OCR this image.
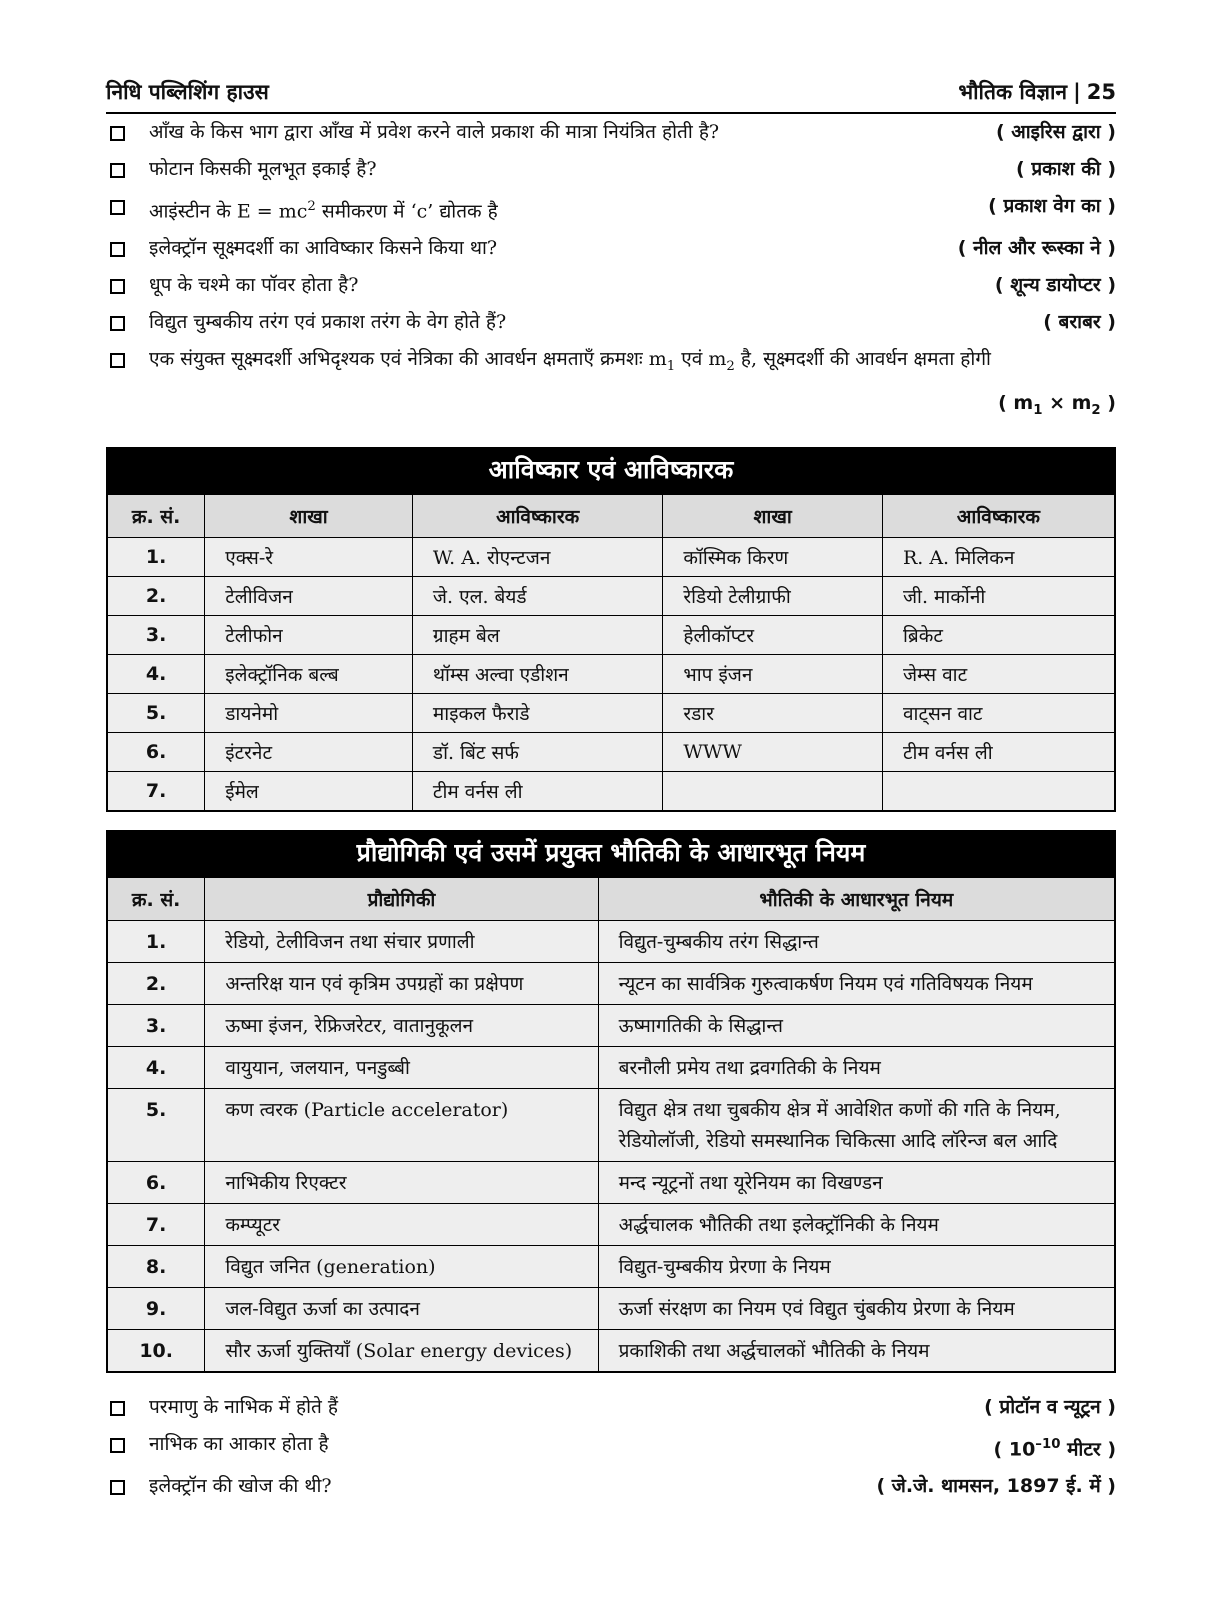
निधि पब्लिशिंग हाउस	भौतिक विज्ञान | 25
आँख के किस भाग द्वारा आँख में प्रवेश करने वाले प्रकाश की मात्रा नियंत्रित होती है?	( आइरिस द्वारा )
फोटान किसकी मूलभूत इकाई है?	( प्रकाश की )
आइंस्टीन के $E = mc^2$ समीकरण में ‘c’ द्योतक है	( प्रकाश वेग का )
इलेक्ट्रॉन सूक्ष्मदर्शी का आविष्कार किसने किया था?	( नील और रूस्का ने )
धूप के चश्मे का पॉवर होता है?	( शून्य डायोप्टर )
विद्युत चुम्बकीय तरंग एवं प्रकाश तरंग के वेग होते हैं?	( बराबर )
एक संयुक्त सूक्ष्मदर्शी अभिदृश्यक एवं नेत्रिका की आवर्धन क्षमताएँ क्रमशः $m_1$ एवं $m_2$ है, सूक्ष्मदर्शी की आवर्धन क्षमता होगी
( $m_1 \times m_2$ )
आविष्कार एवं आविष्कारक
क्र. सं.	शाखा	आविष्कारक	शाखा	आविष्कारक
1.	एक्स-रे	W. A. रोएन्टजन	कॉस्मिक किरण	R. A. मिलिकन
2.	टेलीविजन	जे. एल. बेयर्ड	रेडियो टेलीग्राफी	जी. मार्कोनी
3.	टेलीफोन	ग्राहम बेल	हेलीकॉप्टर	ब्रिकेट
4.	इलेक्ट्रॉनिक बल्ब	थॉम्स अल्वा एडीशन	भाप इंजन	जेम्स वाट
5.	डायनेमो	माइकल फैराडे	रडार	वाट्सन वाट
6.	इंटरनेट	डॉ. बिंट सर्फ	WWW	टीम वर्नस ली
7.	ईमेल	टीम वर्नस ली		
प्रौद्योगिकी एवं उसमें प्रयुक्त भौतिकी के आधारभूत नियम
क्र. सं.	प्रौद्योगिकी	भौतिकी के आधारभूत नियम
1.	रेडियो, टेलीविजन तथा संचार प्रणाली	विद्युत-चुम्बकीय तरंग सिद्धान्त
2.	अन्तरिक्ष यान एवं कृत्रिम उपग्रहों का प्रक्षेपण	न्यूटन का सार्वत्रिक गुरुत्वाकर्षण नियम एवं गतिविषयक नियम
3.	ऊष्मा इंजन, रेफ्रिजरेटर, वातानुकूलन	ऊष्मागतिकी के सिद्धान्त
4.	वायुयान, जलयान, पनडुब्बी	बरनौली प्रमेय तथा द्रवगतिकी के नियम
5.	कण त्वरक (Particle accelerator)	विद्युत क्षेत्र तथा चुबकीय क्षेत्र में आवेशित कणों की गति के नियम, रेडियोलॉजी, रेडियो समस्थानिक चिकित्सा आदि लॉरेन्ज बल आदि
6.	नाभिकीय रिएक्टर	मन्द न्यूट्रनों तथा यूरेनियम का विखण्डन
7.	कम्प्यूटर	अर्द्धचालक भौतिकी तथा इलेक्ट्रॉनिकी के नियम
8.	विद्युत जनित (generation)	विद्युत-चुम्बकीय प्रेरणा के नियम
9.	जल-विद्युत ऊर्जा का उत्पादन	ऊर्जा संरक्षण का नियम एवं विद्युत चुंबकीय प्रेरणा के नियम
10.	सौर ऊर्जा युक्तियाँ (Solar energy devices)	प्रकाशिकी तथा अर्द्धचालकों भौतिकी के नियम
परमाणु के नाभिक में होते हैं	( प्रोटॉन व न्यूट्रन )
नाभिक का आकार होता है	( $10^{-10}$ मीटर )
इलेक्ट्रॉन की खोज की थी?	( जे.जे. थामसन, 1897 ई. में )
